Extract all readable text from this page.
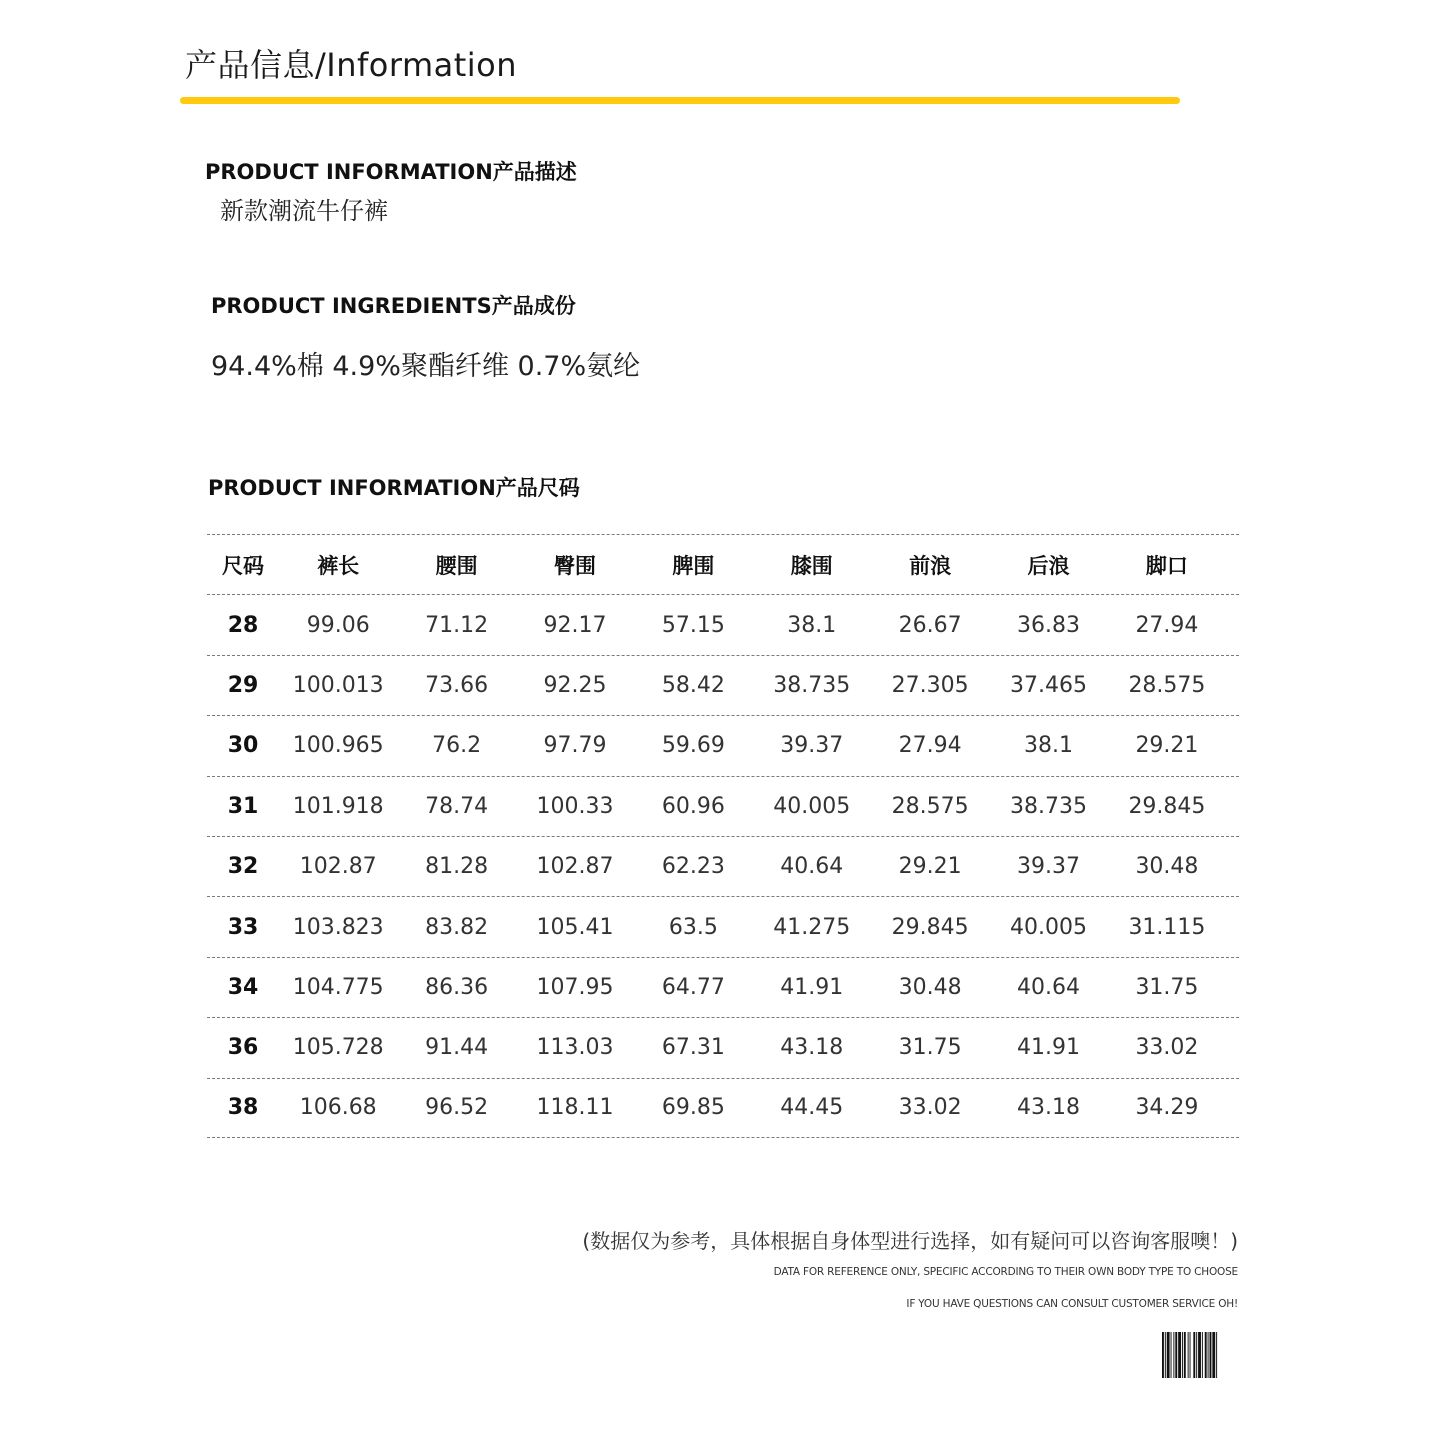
产品信息/Information
PRODUCT INFORMATION产品描述
新款潮流牛仔裤
PRODUCT INGREDIENTS产品成份
94.4%棉 4.9%聚酯纤维 0.7%氨纶
PRODUCT INFORMATION产品尺码
尺码	裤长	腰围	臀围	脾围	膝围	前浪	后浪	脚口
28	99.06	71.12	92.17	57.15	38.1	26.67	36.83	27.94
29	100.013	73.66	92.25	58.42	38.735	27.305	37.465	28.575
30	100.965	76.2	97.79	59.69	39.37	27.94	38.1	29.21
31	101.918	78.74	100.33	60.96	40.005	28.575	38.735	29.845
32	102.87	81.28	102.87	62.23	40.64	29.21	39.37	30.48
33	103.823	83.82	105.41	63.5	41.275	29.845	40.005	31.115
34	104.775	86.36	107.95	64.77	41.91	30.48	40.64	31.75
36	105.728	91.44	113.03	67.31	43.18	31.75	41.91	33.02
38	106.68	96.52	118.11	69.85	44.45	33.02	43.18	34.29
(数据仅为参考，具体根据自身体型进行选择，如有疑问可以咨询客服噢！)
DATA FOR REFERENCE ONLY, SPECIFIC ACCORDING TO THEIR OWN BODY TYPE TO CHOOSE
IF YOU HAVE QUESTIONS CAN CONSULT CUSTOMER SERVICE OH!
